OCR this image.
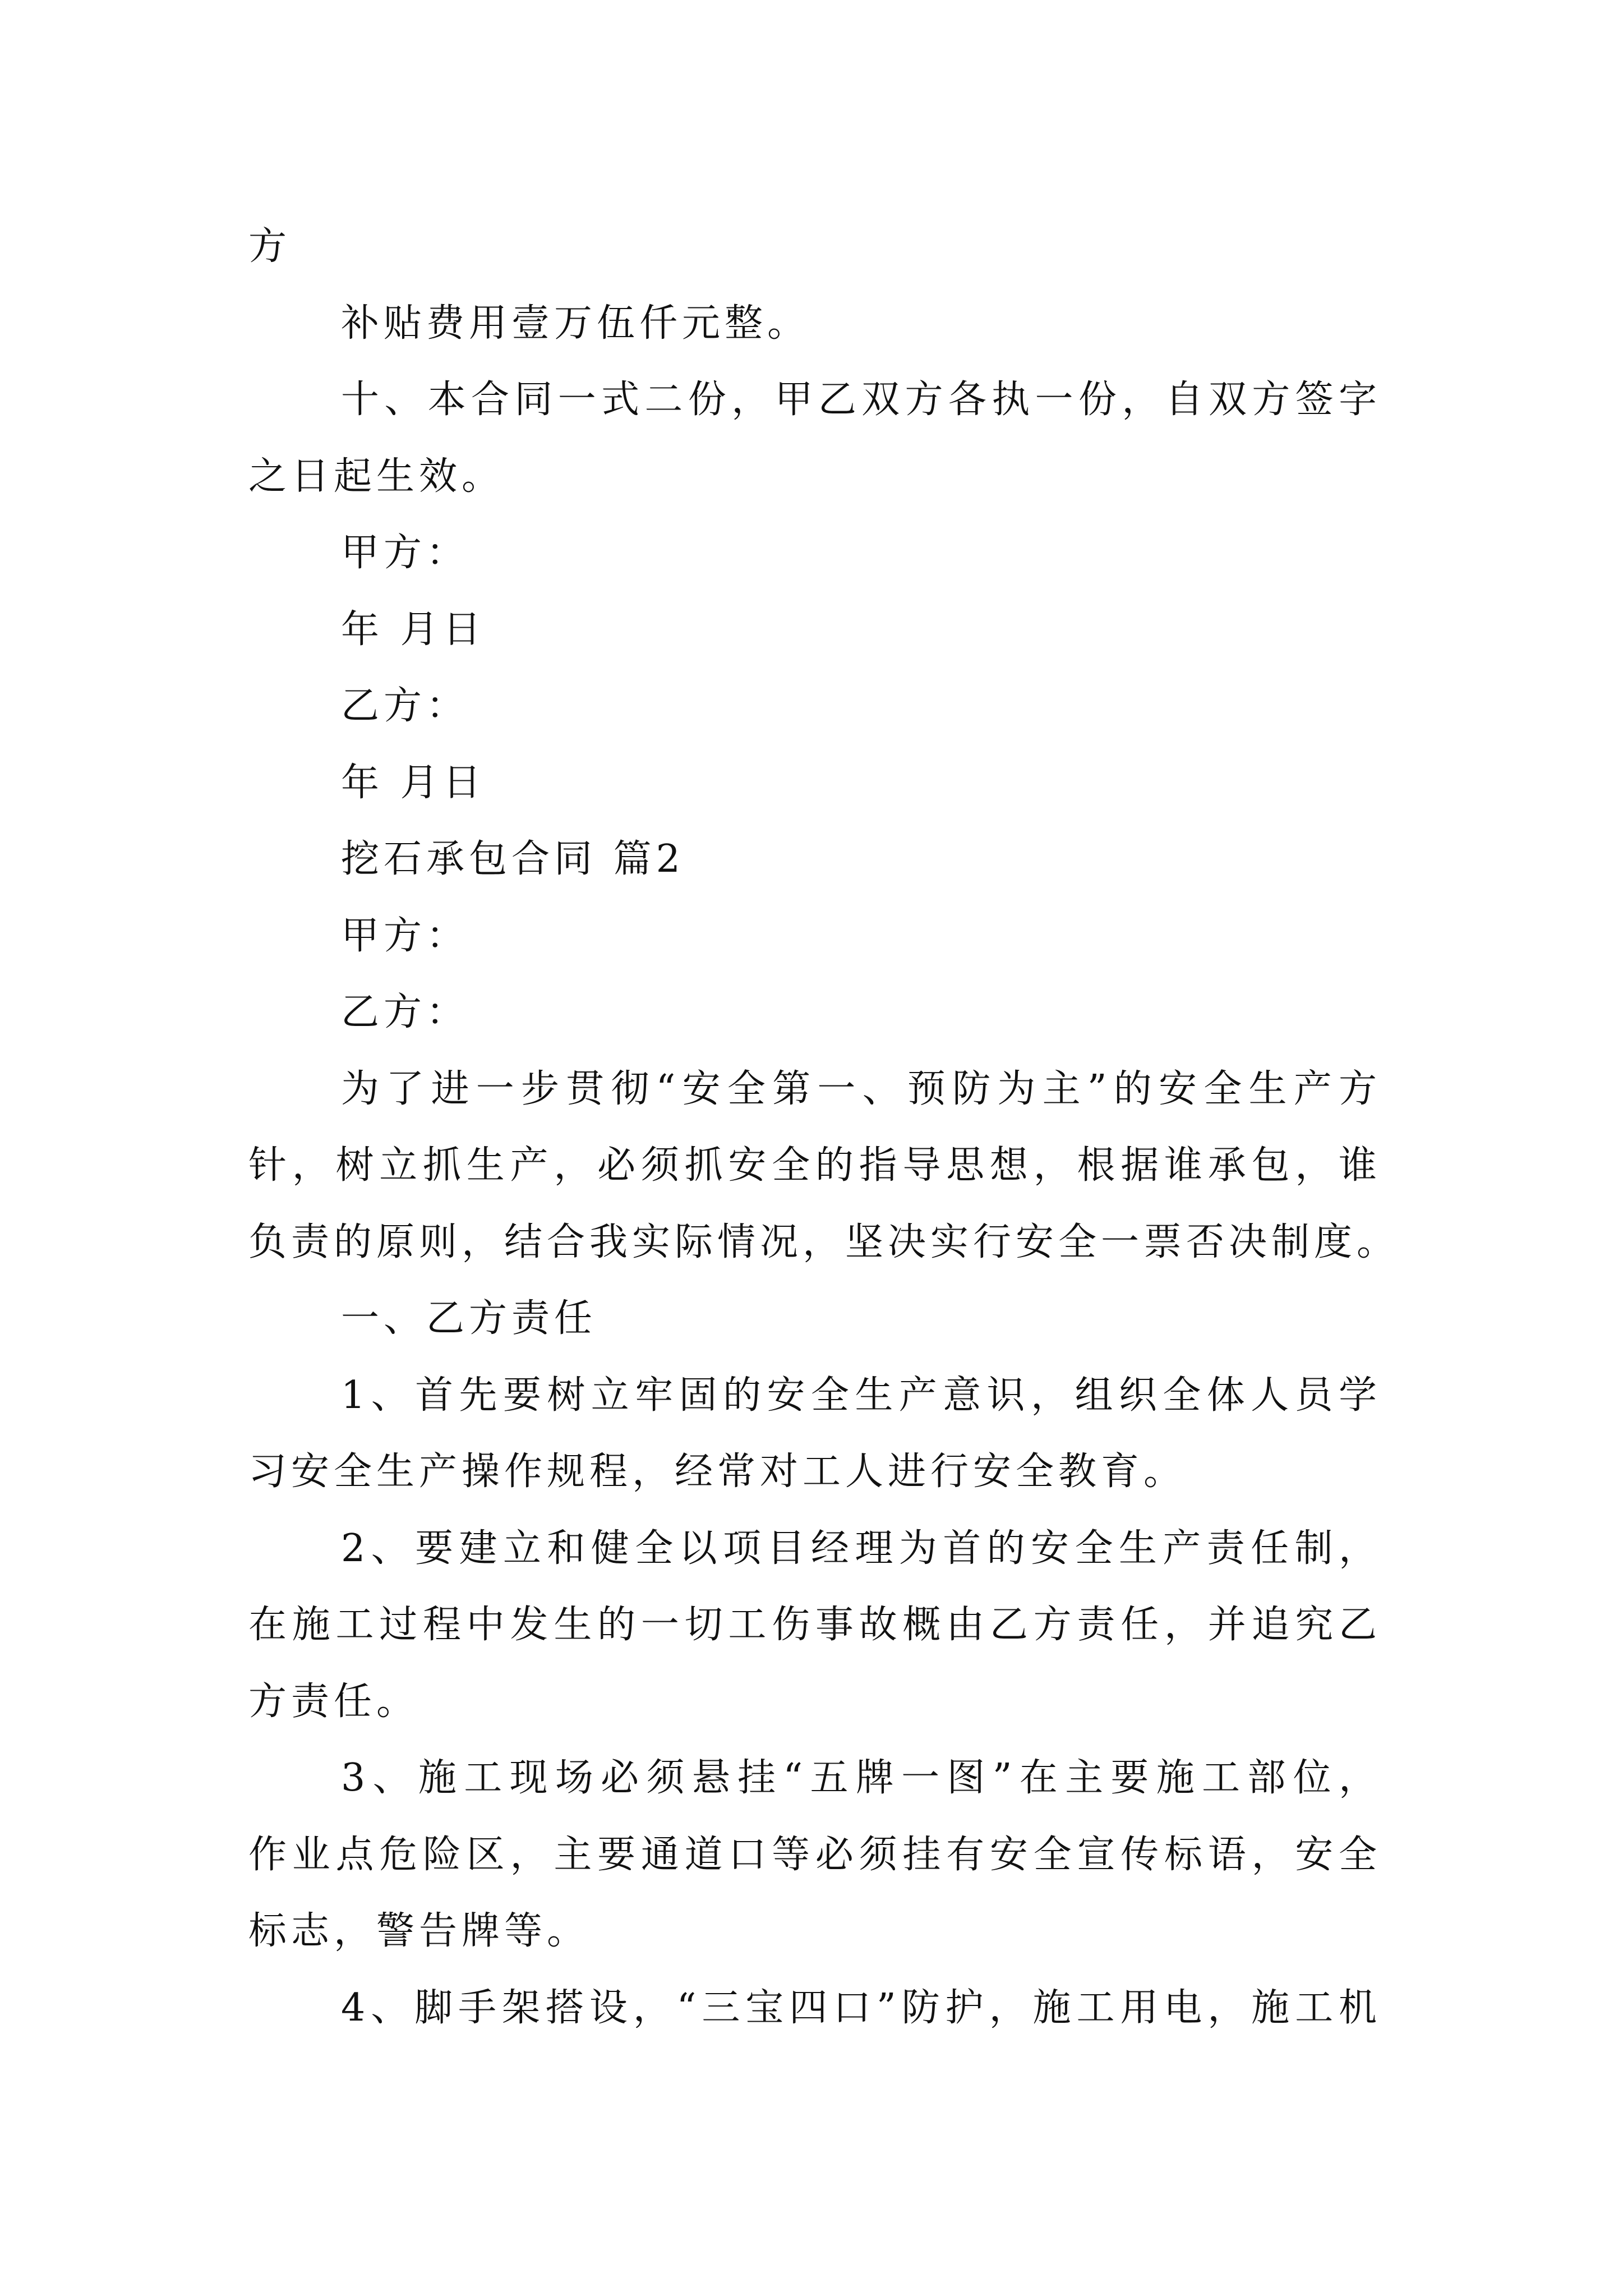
方
补贴费用壹万伍仟元整。
十、本合同一式二份，甲乙双方各执一份，自双方签字
之日起生效。
甲方：
年 月日
乙方：
年 月日
挖石承包合同 篇2
甲方：
乙方：
为了进一步贯彻“安全第一、预防为主”的安全生产方
针，树立抓生产，必须抓安全的指导思想，根据谁承包，谁
负责的原则，结合我实际情况，坚决实行安全一票否决制度。
一、乙方责任
1、首先要树立牢固的安全生产意识，组织全体人员学
习安全生产操作规程，经常对工人进行安全教育。
2、要建立和健全以项目经理为首的安全生产责任制，
在施工过程中发生的一切工伤事故概由乙方责任，并追究乙
方责任。
3、施工现场必须悬挂“五牌一图”在主要施工部位，
作业点危险区，主要通道口等必须挂有安全宣传标语，安全
标志，警告牌等。
4、脚手架搭设，“三宝四口”防护，施工用电，施工机
